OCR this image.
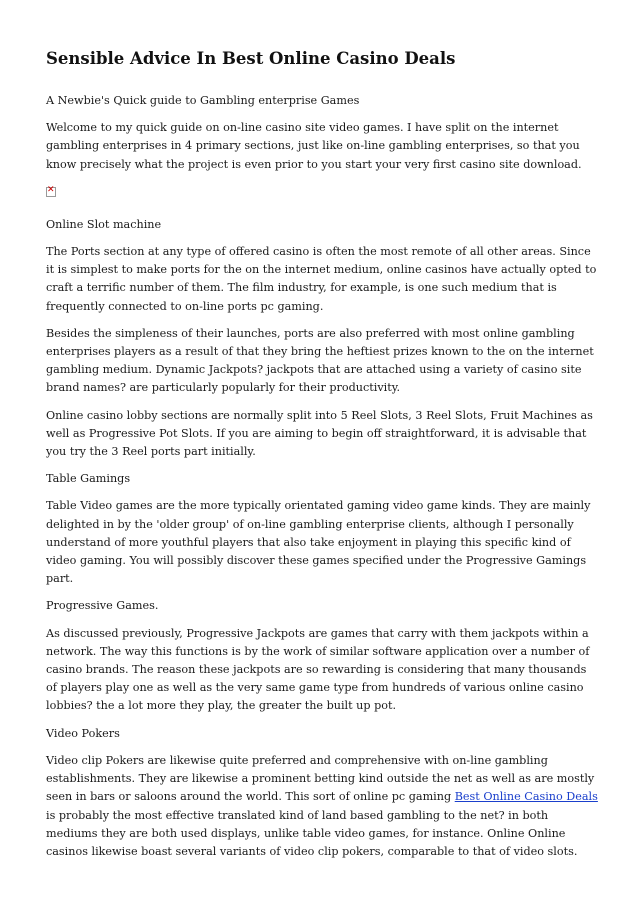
Sensible Advice In Best Online Casino Deals

A Newbie's Quick guide to Gambling enterprise Games

Welcome to my quick guide on on-line casino site video games. I have split on the internet gambling enterprises in 4 primary sections, just like on-line gambling enterprises, so that you know precisely what the project is even prior to you start your very first casino site download.

✕

Online Slot machine

The Ports section at any type of offered casino is often the most remote of all other areas. Since it is simplest to make ports for the on the internet medium, online casinos have actually opted to craft a terrific number of them. The film industry, for example, is one such medium that is frequently connected to on-line ports pc gaming.

Besides the simpleness of their launches, ports are also preferred with most online gambling enterprises players as a result of that they bring the heftiest prizes known to the on the internet gambling medium. Dynamic Jackpots? jackpots that are attached using a variety of casino site brand names? are particularly popularly for their productivity.

Online casino lobby sections are normally split into 5 Reel Slots, 3 Reel Slots, Fruit Machines as well as Progressive Pot Slots. If you are aiming to begin off straightforward, it is advisable that you try the 3 Reel ports part initially.

Table Gamings

Table Video games are the more typically orientated gaming video game kinds. They are mainly delighted in by the 'older group' of on-line gambling enterprise clients, although I personally understand of more youthful players that also take enjoyment in playing this specific kind of video gaming. You will possibly discover these games specified under the Progressive Gamings part.

Progressive Games.

As discussed previously, Progressive Jackpots are games that carry with them jackpots within a network. The way this functions is by the work of similar software application over a number of casino brands. The reason these jackpots are so rewarding is considering that many thousands of players play one as well as the very same game type from hundreds of various online casino lobbies? the a lot more they play, the greater the built up pot.

Video Pokers

Video clip Pokers are likewise quite preferred and comprehensive with on-line gambling establishments. They are likewise a prominent betting kind outside the net as well as are mostly seen in bars or saloons around the world. This sort of online pc gaming Best Online Casino Deals is probably the most effective translated kind of land based gambling to the net? in both mediums they are both used displays, unlike table video games, for instance. Online Online casinos likewise boast several variants of video clip pokers, comparable to that of video slots.
